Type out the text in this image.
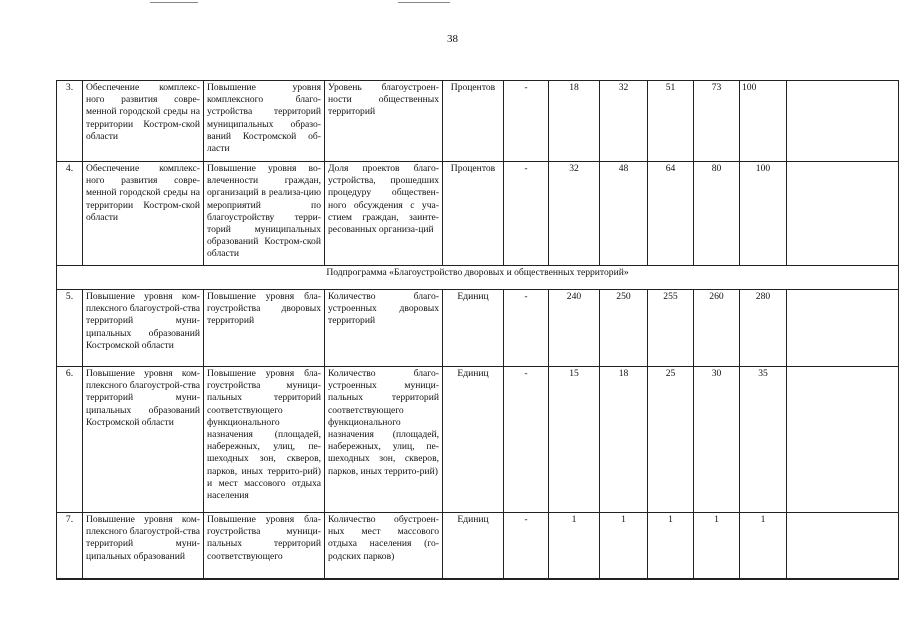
38
3.	Обеспечение комплекс-ного развития совре-менной городской среды на территории Костром-ской области	Повышение уровня комплексного благо-устройства территорий муниципальных образо-ваний Костромской об-ласти	Уровень благоустроен-ности общественных территорий	Процентов	-	18	32	51	73	100	
4.	Обеспечение комплекс-ного развития совре-менной городской среды на территории Костром-ской области	Повышение уровня во-влеченности граждан, организаций в реализа-цию мероприятий по благоустройству терри-торий муниципальных образований Костром-ской области	Доля проектов благо-устройства, прошедших процедуру обществен-ного обсуждения с уча-стием граждан, заинте-ресованных организа-ций	Процентов	-	32	48	64	80	100	
Подпрограмма «Благоустройство дворовых и общественных территорий»											
5.	Повышение уровня ком-плексного благоустрой-ства территорий муни-ципальных образований Костромской области	Повышение уровня бла-гоустройства дворовых территорий	Количество благо-устроенных дворовых территорий	Единиц	-	240	250	255	260	280	
6.	Повышение уровня ком-плексного благоустрой-ства территорий муни-ципальных образований Костромской области	Повышение уровня бла-гоустройства муници-пальных территорий соответствующего функционального назначения (площадей, набережных, улиц, пе-шеходных зон, скверов, парков, иных террито-рий) и мест массового отдыха населения	Количество благо-устроенных муници-пальных территорий соответствующего функционального назначения (площадей, набережных, улиц, пе-шеходных зон, скверов, парков, иных террито-рий)	Единиц	-	15	18	25	30	35	
7.	Повышение уровня ком-плексного благоустрой-ства территорий муни-ципальных образований	Повышение уровня бла-гоустройства муници-пальных территорий соответствующего	Количество обустроен-ных мест массового отдыха населения (го-родских парков)	Единиц	-	1	1	1	1	1	
